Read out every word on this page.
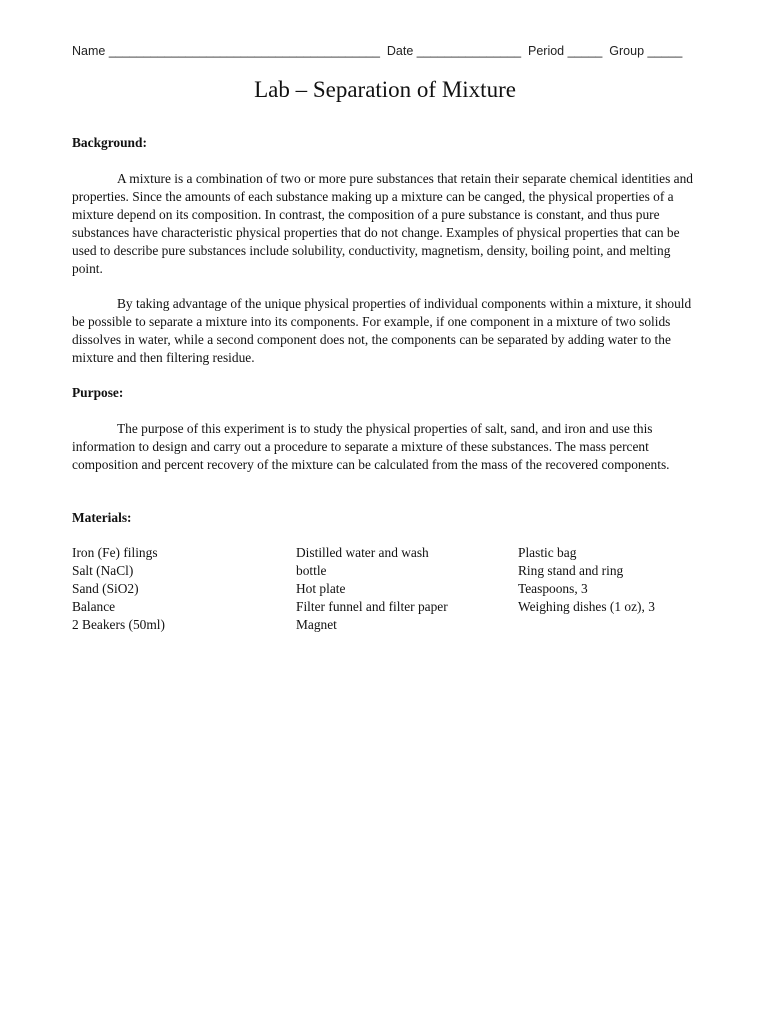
Name _______________________________________  Date _______________  Period _____  Group _____
Lab – Separation of Mixture
Background:

A mixture is a combination of two or more pure substances that retain their separate chemical identities and properties. Since the amounts of each substance making up a mixture can be canged, the physical properties of a mixture depend on its composition. In contrast, the composition of a pure substance is constant, and thus pure substances have characteristic physical properties that do not change. Examples of physical properties that can be used to describe pure substances include solubility, conductivity, magnetism, density, boiling point, and melting point.

By taking advantage of the unique physical properties of individual components within a mixture, it should be possible to separate a mixture into its components. For example, if one component in a mixture of two solids dissolves in water, while a second component does not, the components can be separated by adding water to the mixture and then filtering residue.

Purpose:

The purpose of this experiment is to study the physical properties of salt, sand, and iron and use this information to design and carry out a procedure to separate a mixture of these substances. The mass percent composition and percent recovery of the mixture can be calculated from the mass of the recovered components.

Materials:
Iron (Fe) filings
Salt (NaCl)
Sand (SiO2)
Balance
2 Beakers (50ml)
Distilled water and wash
bottle
Hot plate
Filter funnel and filter paper
Magnet
Plastic bag
Ring stand and ring
Teaspoons, 3
Weighing dishes (1 oz), 3
